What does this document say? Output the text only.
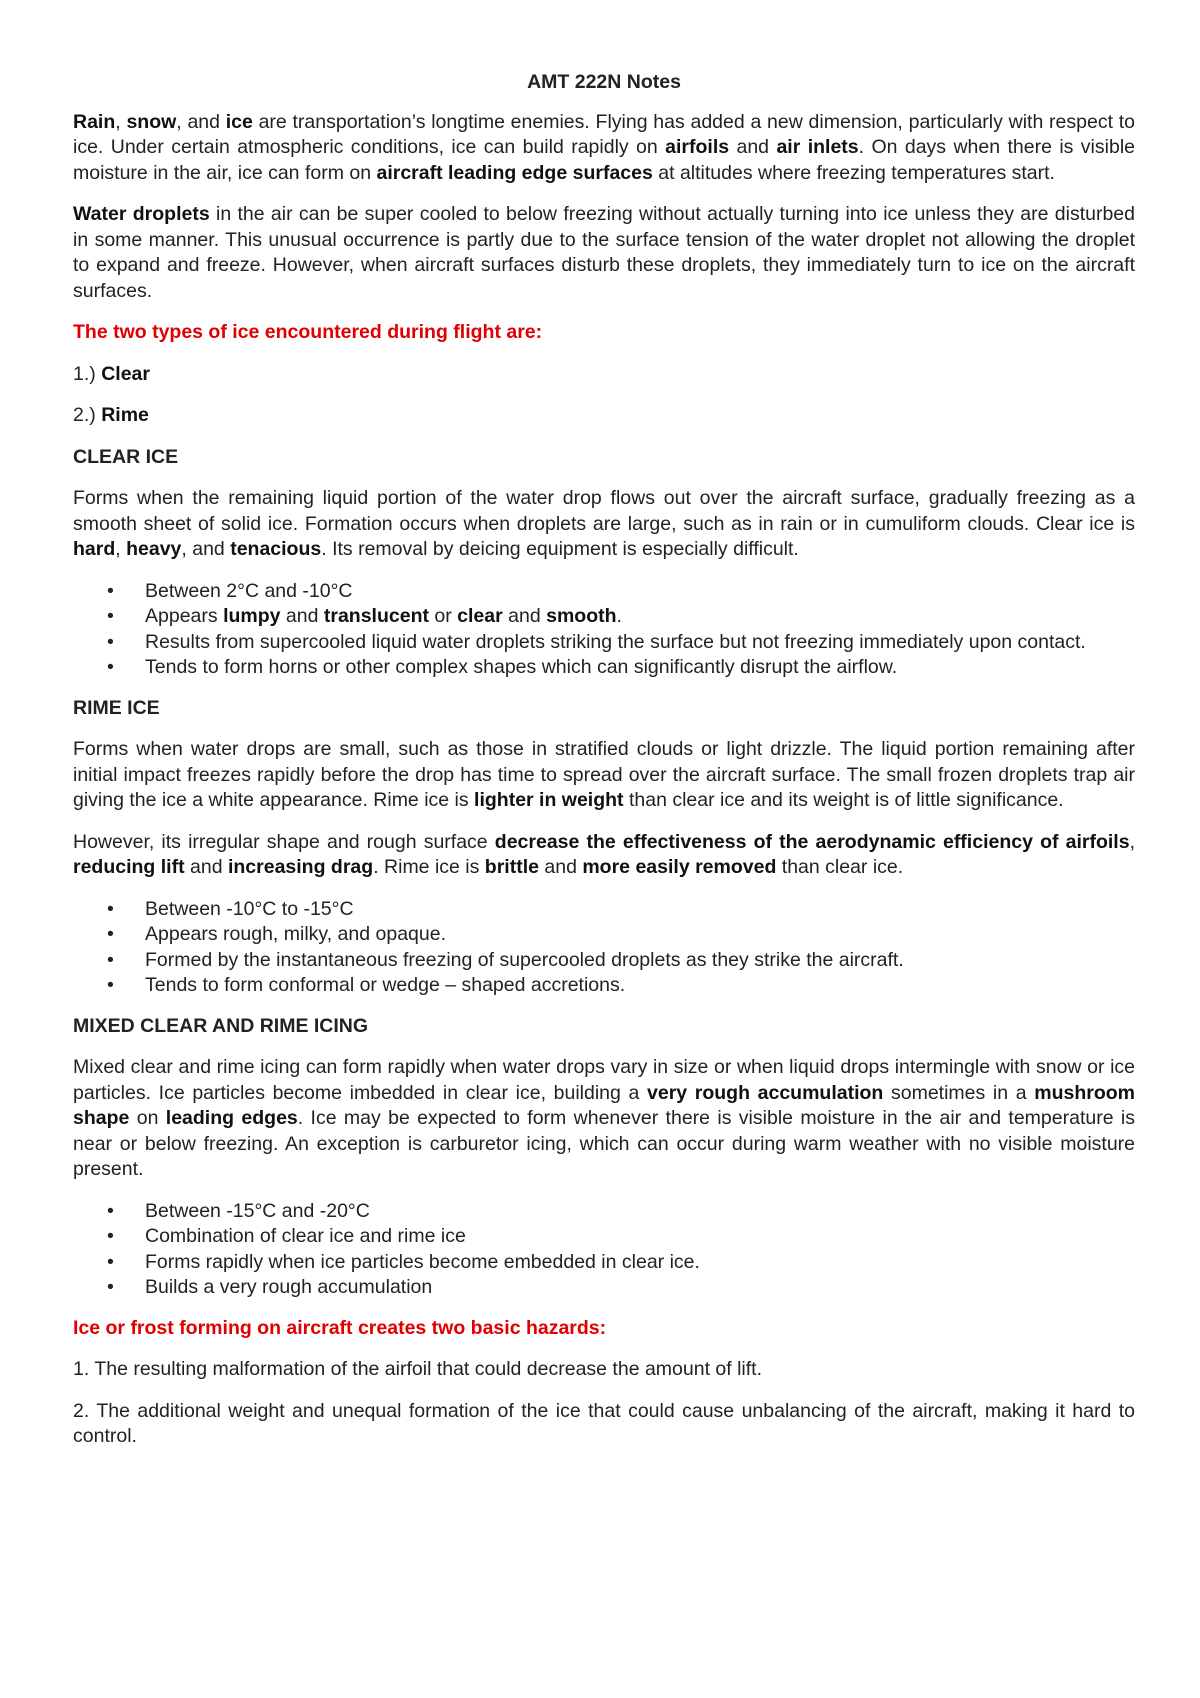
AMT 222N Notes

Rain, snow, and ice are transportation’s longtime enemies. Flying has added a new dimension, particularly with respect to ice. Under certain atmospheric conditions, ice can build rapidly on airfoils and air inlets. On days when there is visible moisture in the air, ice can form on aircraft leading edge surfaces at altitudes where freezing temperatures start.

Water droplets in the air can be super cooled to below freezing without actually turning into ice unless they are disturbed in some manner. This unusual occurrence is partly due to the surface tension of the water droplet not allowing the droplet to expand and freeze. However, when aircraft surfaces disturb these droplets, they immediately turn to ice on the aircraft surfaces.

The two types of ice encountered during flight are:

1.) Clear

2.) Rime

CLEAR ICE

Forms when the remaining liquid portion of the water drop flows out over the aircraft surface, gradually freezing as a smooth sheet of solid ice. Formation occurs when droplets are large, such as in rain or in cumuliform clouds. Clear ice is hard, heavy, and tenacious. Its removal by deicing equipment is especially difficult.

• Between 2°C and -10°C
• Appears lumpy and translucent or clear and smooth.
• Results from supercooled liquid water droplets striking the surface but not freezing immediately upon contact.
• Tends to form horns or other complex shapes which can significantly disrupt the airflow.

RIME ICE

Forms when water drops are small, such as those in stratified clouds or light drizzle. The liquid portion remaining after initial impact freezes rapidly before the drop has time to spread over the aircraft surface. The small frozen droplets trap air giving the ice a white appearance. Rime ice is lighter in weight than clear ice and its weight is of little significance.

However, its irregular shape and rough surface decrease the effectiveness of the aerodynamic efficiency of airfoils, reducing lift and increasing drag. Rime ice is brittle and more easily removed than clear ice.

• Between -10°C to -15°C
• Appears rough, milky, and opaque.
• Formed by the instantaneous freezing of supercooled droplets as they strike the aircraft.
• Tends to form conformal or wedge – shaped accretions.

MIXED CLEAR AND RIME ICING

Mixed clear and rime icing can form rapidly when water drops vary in size or when liquid drops intermingle with snow or ice particles. Ice particles become imbedded in clear ice, building a very rough accumulation sometimes in a mushroom shape on leading edges. Ice may be expected to form whenever there is visible moisture in the air and temperature is near or below freezing. An exception is carburetor icing, which can occur during warm weather with no visible moisture present.

• Between -15°C and -20°C
• Combination of clear ice and rime ice
• Forms rapidly when ice particles become embedded in clear ice.
• Builds a very rough accumulation

Ice or frost forming on aircraft creates two basic hazards:

1. The resulting malformation of the airfoil that could decrease the amount of lift.

2. The additional weight and unequal formation of the ice that could cause unbalancing of the aircraft, making it hard to control.
